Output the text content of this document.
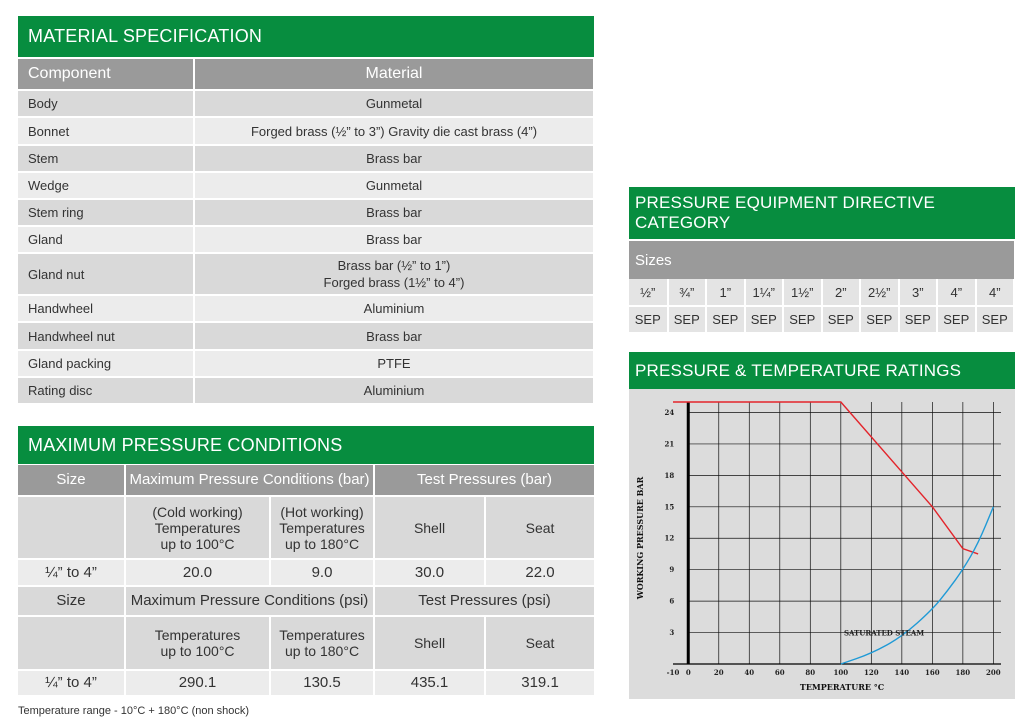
MATERIAL SPECIFICATION
Component	Material
Body	Gunmetal
Bonnet	Forged brass (½” to 3”) Gravity die cast brass (4”)
Stem	Brass bar
Wedge	Gunmetal
Stem ring	Brass bar
Gland	Brass bar
Gland nut	Brass bar (½” to 1”)
Forged brass (1½” to 4”)

Handwheel	Aluminium
Handwheel nut	Brass bar
Gland packing	PTFE
Rating disc	Aluminium
MAXIMUM PRESSURE CONDITIONS
Size	Maximum Pressure Conditions (bar)		Test Pressures (bar)	
	(Cold working)
Temperatures
up to 100°C	(Hot working)
Temperatures
up to 180°C	Shell	Seat
¼” to 4”	20.0	9.0	30.0	22.0
Size	Maximum Pressure Conditions (psi)		Test Pressures (psi)	
	Temperatures
up to 100°C	Temperatures
up to 180°C	Shell	Seat
¼” to 4”	290.1	130.5	435.1	319.1
Temperature range - 10°C + 180°C (non shock)
PRESSURE EQUIPMENT DIRECTIVE CATEGORY
Sizes
½”	¾”	1”	1¼”	1½”	2”	2½”	3”	4”	4”
SEP	SEP	SEP	SEP	SEP	SEP	SEP	SEP	SEP	SEP
PRESSURE & TEMPERATURE RATINGS
-10 0	20	40	60	80	100 120 140 160 180 200
3
6
9
12
15
18
21
24
SATURATED STEAM
TEMPERATURE °C
WORKING PRESSURE BAR
